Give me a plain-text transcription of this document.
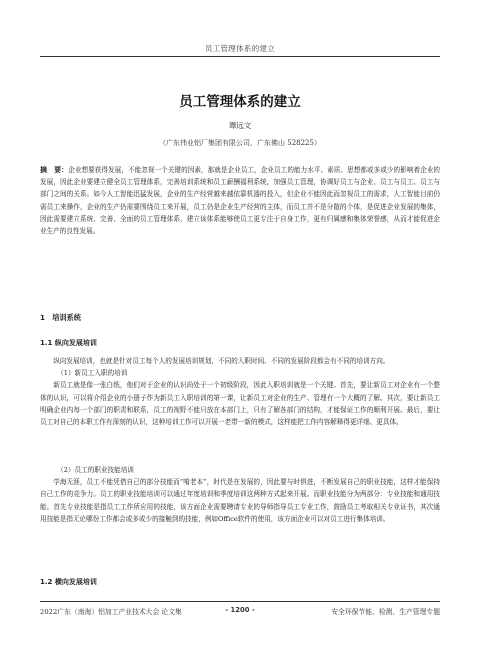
员工管理体系的建立
员工管理体系的建立
谭远文
（广东伟业铝厂集团有限公司，广东佛山 528225）
摘　要：企业想要获得发展，不能忽视一个关键的因素，那就是企业员工，企业员工的能力水平、素质、思想都或多或少的影响着企业的发展，因此企业要建立健全员工管理体系，完善培训系统和员工薪酬福利系统，加强员工管理，协调好员工与企业、员工与员工、员工与部门之间的关系。如今人工智能迅猛发展，企业的生产经营越来越依靠机器的投入，但企业不能因此而忽视员工的需求，人工智能目前仍需员工来操作，企业的生产仍需要围绕员工来开展，员工仍是企业生产经营的主体，而员工并不是分散的个体，是促进企业发展的集体，因此需要建立系统、完善、全面的员工管理体系，建立该体系能够使员工更专注于自身工作，更有归属感和集体荣誉感，从而才能促进企业生产的良性发展。
1　培训系统
1.1 纵向发展培训

纵向发展培训，也就是针对员工每个人的发展培训规划，不同的入职时间、不同的发展阶段都会有不同的培训方向。

（1）新员工入职的培训

新员工就是像一张白纸，他们对于企业的认识尚处于一个初级阶段，因此入职培训就是一个关键。首先，要让新员工对企业有一个整体的认识，可以将介绍企业的小册子作为新员工入职培训的第一课，让新员工对企业的生产、管理有一个大概的了解。其次，要让新员工明确企业内每一个部门的职责和联系，员工的视野不能只放在本部门上，只有了解各部门的结构，才能保证工作的顺利开展。最后，要让员工对自己的本职工作有深刻的认识，这种培训工作可以开展一老带一新的模式，这样能把工作内容解释得更详细、更具体。

（2）员工的职业技能培训

学海无涯，员工不能凭借自己的部分技能而“啃老本”，时代是在发展的，因此要与时俱进，不断发展自己的职业技能，这样才能保持自己工作的竞争力。员工的职业技能培训可以通过年度培训和季度培训这两种方式起来开展。而职业技能分为两部分：专业技能和通用技能。首先专业技能是指员工工作所应用的技能，该方面企业需要聘请专业的导师指导员工专业工作，鼓励员工考取相关专业证书，其次通用技能是指无论哪份工作都会或多或少的接触到的技能，例如Office软件的使用，该方面企业可以对员工进行集体培训。

1.2 横向发展培训
2022广东（南海）铝加工产业技术大会 论文集	- 1200 -	安全环保节能、检测、生产管理专题
